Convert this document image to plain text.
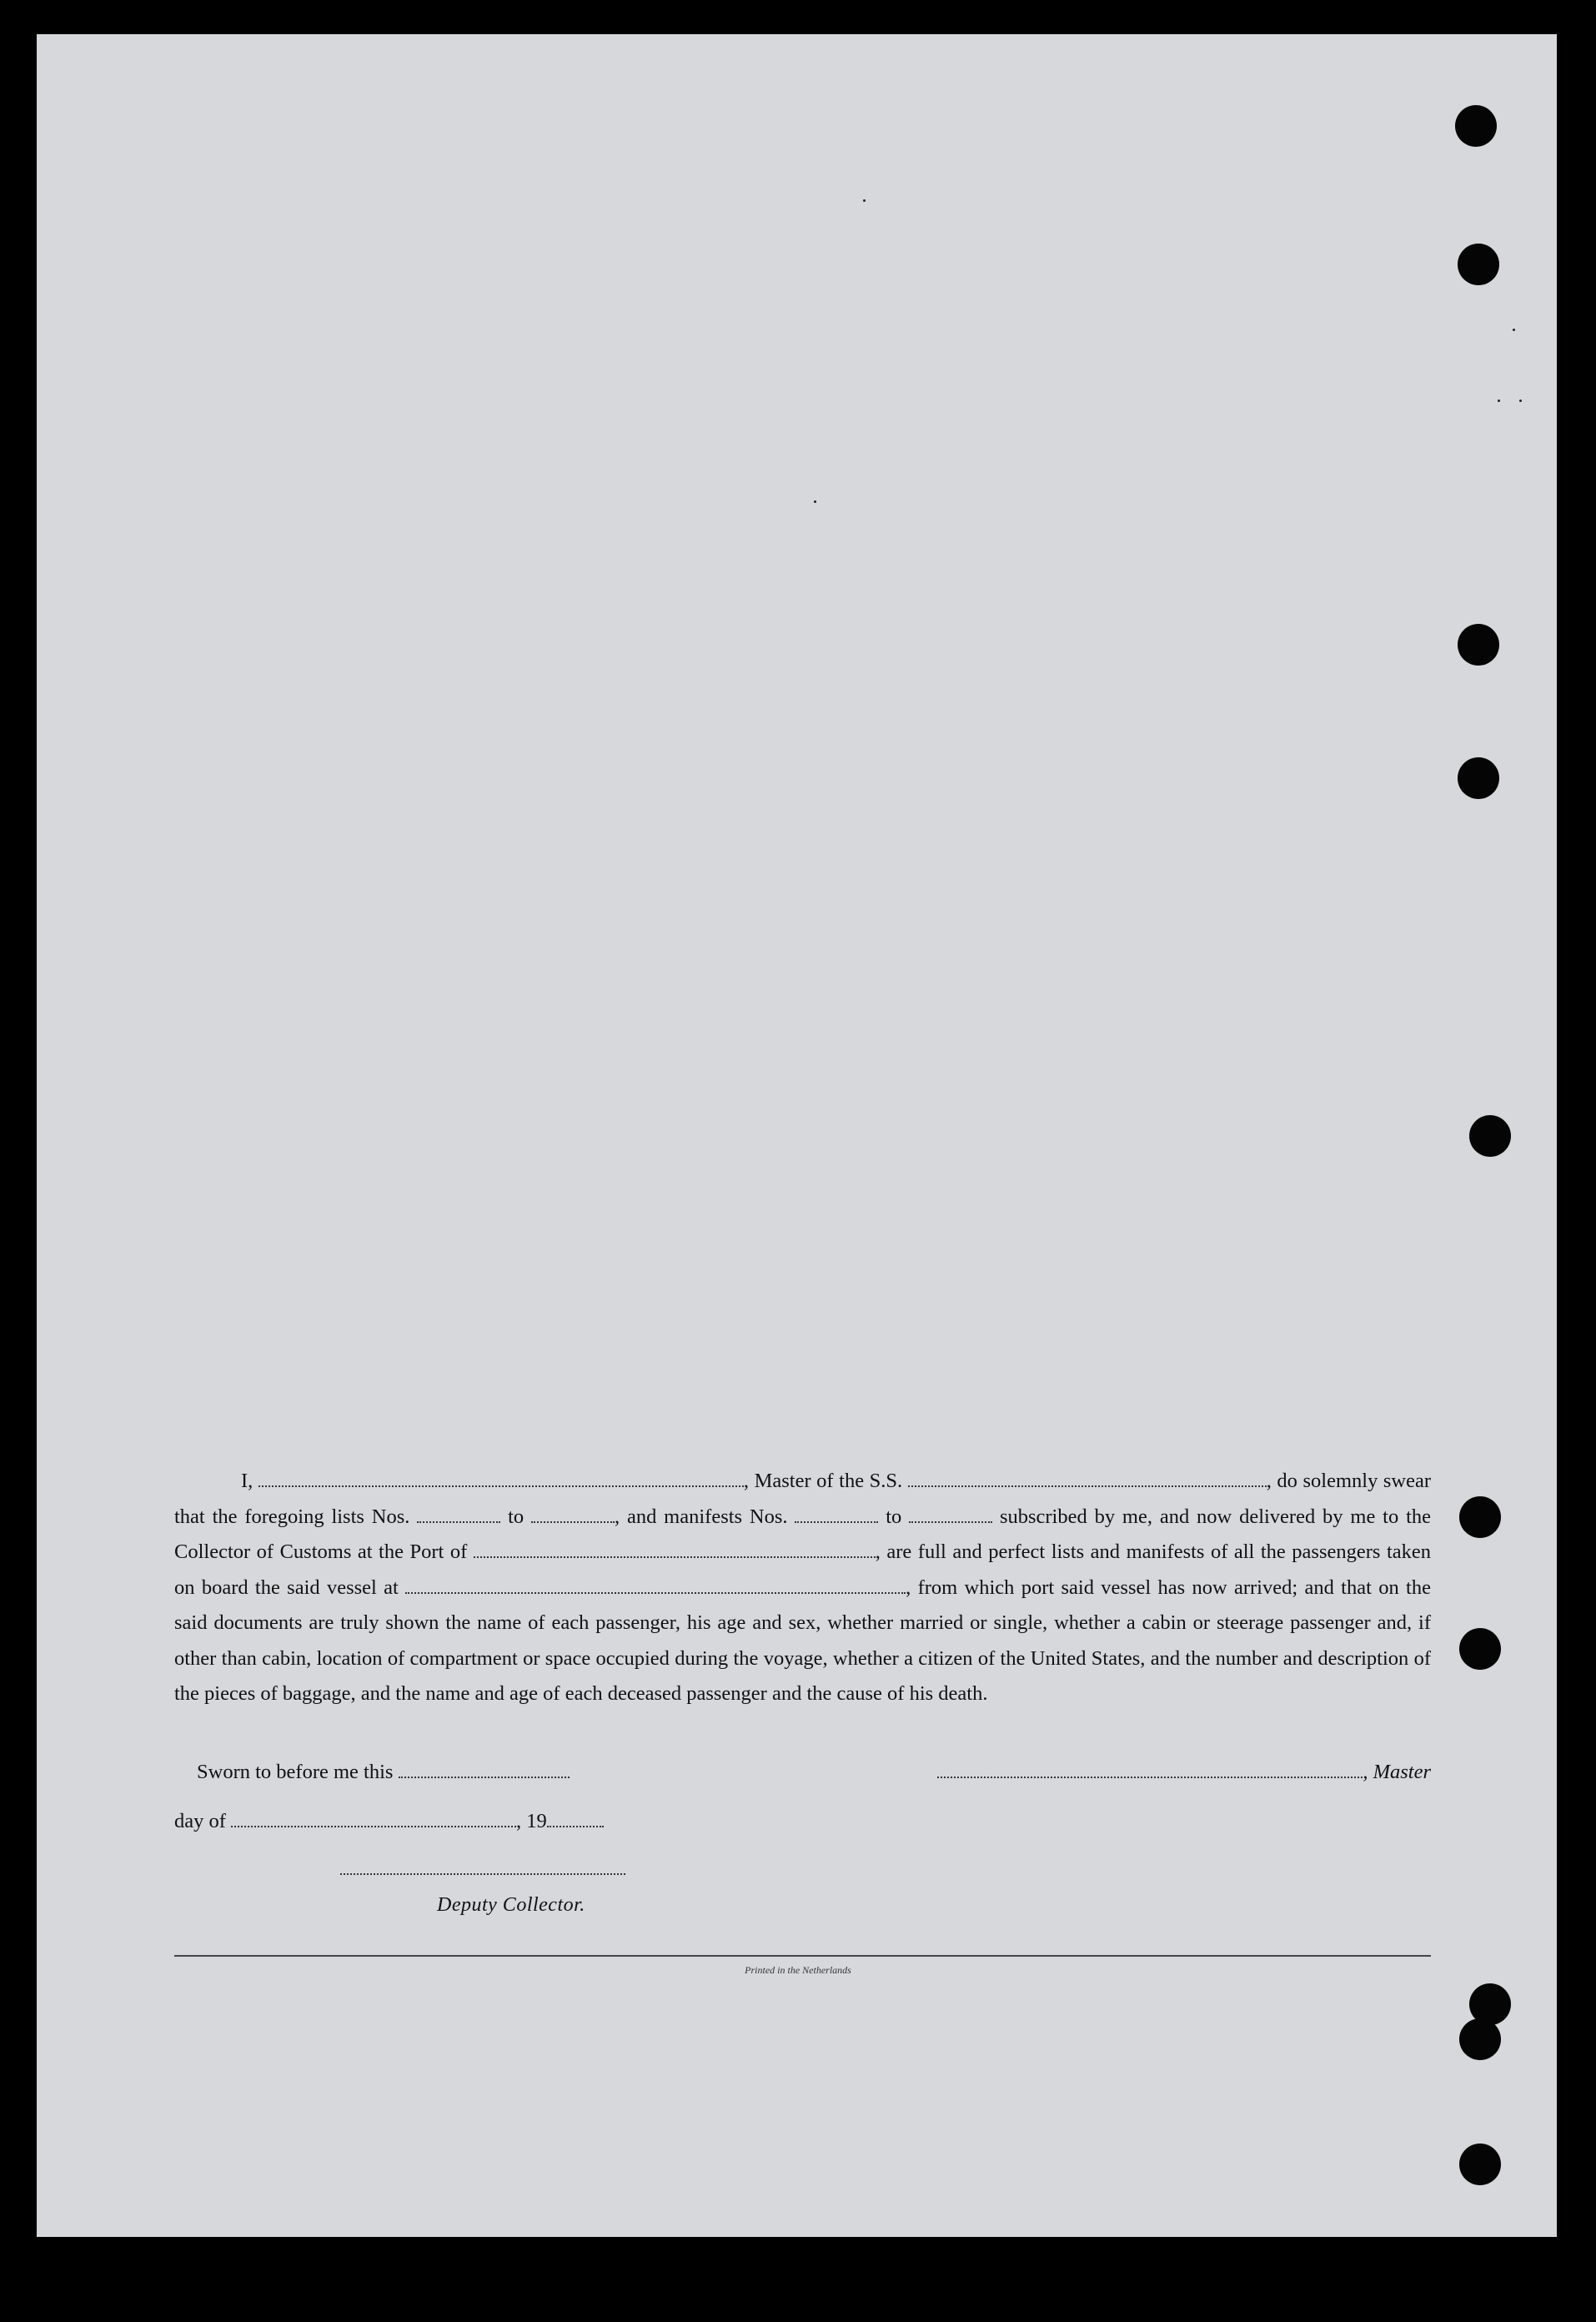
I,	, Master of the S.S.	, do solemnly swear that the foregoing lists Nos.	to	, and manifests Nos.	to	subscribed by me, and now delivered by me to the Collector of Customs at the Port of	, are full and perfect lists and manifests of all the passengers taken on board the said vessel at	, from which port said vessel has now arrived; and that on the said documents are truly shown the name of each passenger, his age and sex, whether married or single, whether a cabin or steerage passenger and, if other than cabin, location of compartment or space occupied during the voyage, whether a citizen of the United States, and the number and description of the pieces of baggage, and the name and age of each deceased passenger and the cause of his death.

Sworn to before me this	, Master
day of	, 19
Deputy Collector.
Printed in the Netherlands
